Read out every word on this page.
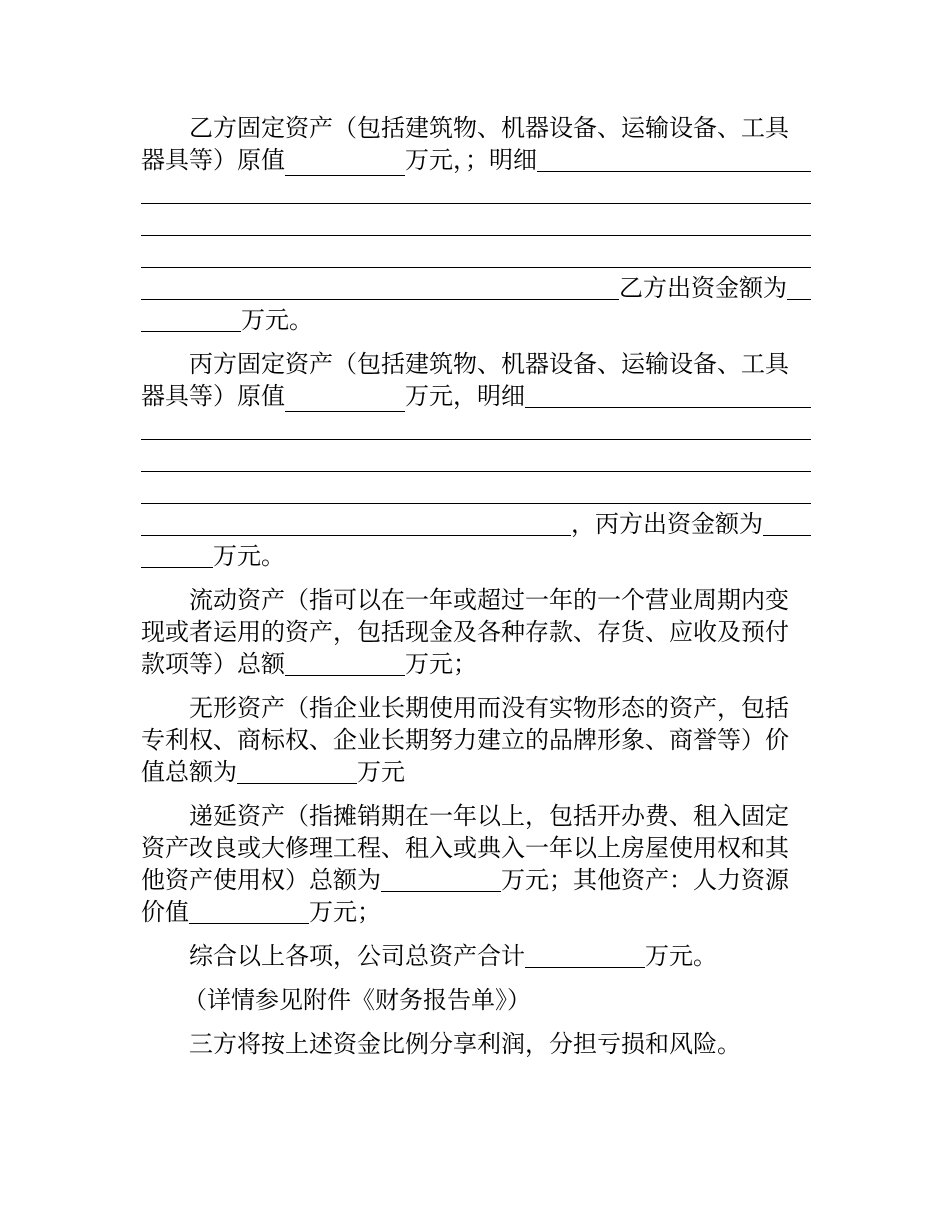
乙方固定资产（包括建筑物、机器设备、运输设备、工具
器具等）原值	万元，；明细
乙方出资金额为
万元。
丙方固定资产（包括建筑物、机器设备、运输设备、工具
器具等）原值	万元，明细
，丙方出资金额为
万元。
流动资产（指可以在一年或超过一年的一个营业周期内变
现或者运用的资产，包括现金及各种存款、存货、应收及预付
款项等）总额	万元；
无形资产（指企业长期使用而没有实物形态的资产，包括
专利权、商标权、企业长期努力建立的品牌形象、商誉等）价
值总额为	万元
递延资产（指摊销期在一年以上，包括开办费、租入固定
资产改良或大修理工程、租入或典入一年以上房屋使用权和其
他资产使用权）总额为	万元；其他资产：人力资源
价值	万元；
综合以上各项，公司总资产合计	万元。
（详情参见附件《财务报告单》）
三方将按上述资金比例分享利润，分担亏损和风险。
